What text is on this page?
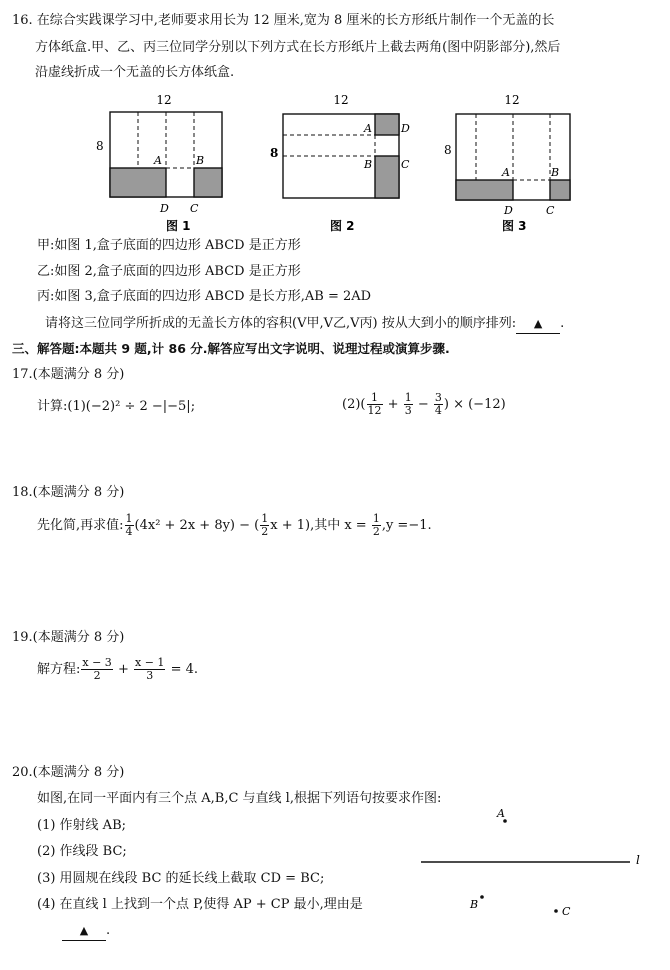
16. 在综合实践课学习中,老师要求用长为 12 厘米,宽为 8 厘米的长方形纸片制作一个无盖的长
方体纸盒.甲、乙、丙三位同学分别以下列方式在长方形纸片上截去两角(图中阴影部分),然后
沿虚线折成一个无盖的长方体纸盒.
12
8
A	B
D C
图 1
12
8
A	D
B	C
图 2
12
8
A	B
D	C
图 3
甲:如图 1,盒子底面的四边形 ABCD 是正方形
乙:如图 2,盒子底面的四边形 ABCD 是正方形
丙:如图 3,盒子底面的四边形 ABCD 是长方形,AB = 2AD
请将这三位同学所折成的无盖长方体的容积(V甲,V乙,V丙) 按从大到小的顺序排列: ▲ .
三、解答题:本题共 9 题,计 86 分.解答应写出文字说明、说理过程或演算步骤.
17.(本题满分 8 分)
计算:(1)(−2)² ÷ 2 −|−5|;	$(2)( \frac{1}{12} + \frac{1}{3} - \frac{3}{4}$ ) × (−12)
18.(本题满分 8 分)
先化简,再求值: $\frac{1}{4} (4x^2 + 2x + 8y)$ − ( $\frac{1}{2}$ x + 1),其中 $x = \frac{1}{2} ,y =-1$.
19.(本题满分 8 分)
解方程: $\frac{x - 3}{2} + \frac{x - 1}{3} = 4$.
20.(本题满分 8 分)
如图,在同一平面内有三个点 A,B,C 与直线 l,根据下列语句按要求作图:
(1) 作射线 AB;
(2) 作线段 BC;
(3) 用圆规在线段 BC 的延长线上截取 CD = BC;
(4) 在直线 l 上找到一个点 P,使得 AP + CP 最小,理由是
▲ .
A
l
B
C
